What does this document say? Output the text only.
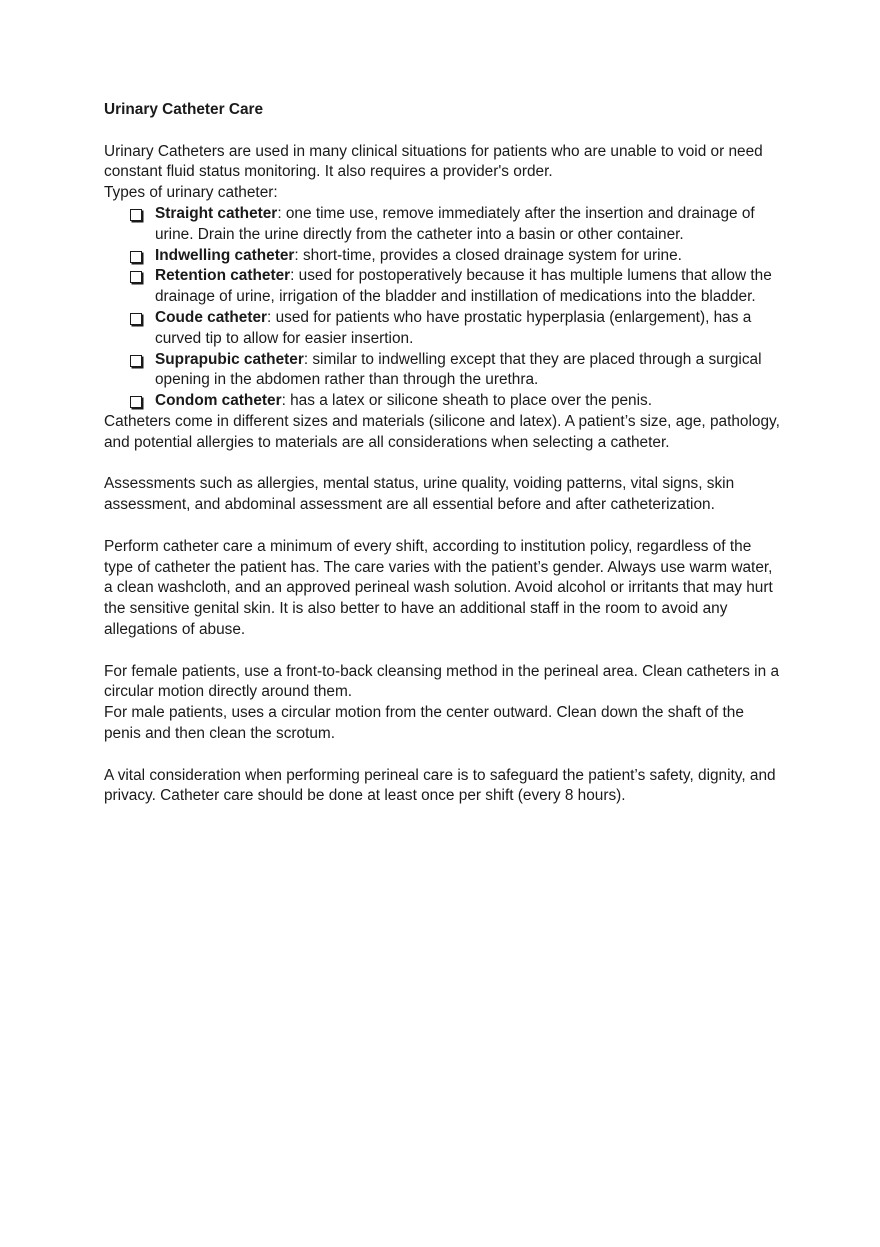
Urinary Catheter Care

Urinary Catheters are used in many clinical situations for patients who are unable to void or need constant fluid status monitoring. It also requires a provider's order.

Types of urinary catheter:

Straight catheter: one time use, remove immediately after the insertion and drainage of urine. Drain the urine directly from the catheter into a basin or other container.
Indwelling catheter: short-time, provides a closed drainage system for urine.
Retention catheter: used for postoperatively because it has multiple lumens that allow the drainage of urine, irrigation of the bladder and instillation of medications into the bladder.
Coude catheter: used for patients who have prostatic hyperplasia (enlargement), has a curved tip to allow for easier insertion.
Suprapubic catheter: similar to indwelling except that they are placed through a surgical opening in the abdomen rather than through the urethra.
Condom catheter: has a latex or silicone sheath to place over the penis.

Catheters come in different sizes and materials (silicone and latex). A patient’s size, age, pathology, and potential allergies to materials are all considerations when selecting a catheter.

Assessments such as allergies, mental status, urine quality, voiding patterns, vital signs, skin assessment, and abdominal assessment are all essential before and after catheterization.

Perform catheter care a minimum of every shift, according to institution policy, regardless of the type of catheter the patient has. The care varies with the patient’s gender. Always use warm water, a clean washcloth, and an approved perineal wash solution. Avoid alcohol or irritants that may hurt the sensitive genital skin. It is also better to have an additional staff in the room to avoid any allegations of abuse.

For female patients, use a front-to-back cleansing method in the perineal area. Clean catheters in a circular motion directly around them.

For male patients, uses a circular motion from the center outward. Clean down the shaft of the penis and then clean the scrotum.

A vital consideration when performing perineal care is to safeguard the patient’s safety, dignity, and privacy. Catheter care should be done at least once per shift (every 8 hours).
